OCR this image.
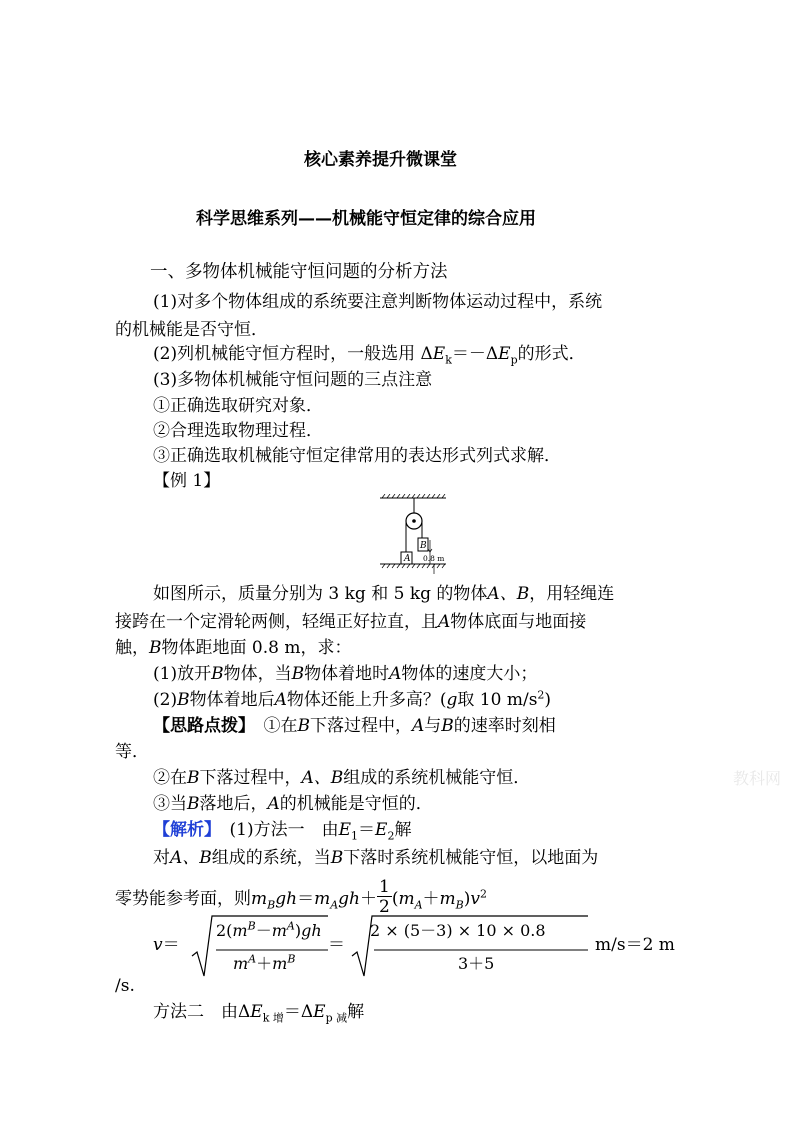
核心素养提升微课堂
科学思维系列——机械能守恒定律的综合应用
一、多物体机械能守恒问题的分析方法
(1)对多个物体组成的系统要注意判断物体运动过程中，系统
的机械能是否守恒．
(2)列机械能守恒方程时，一般选用 $\Delta E_k=-\Delta E_p$的形式．
(3)多物体机械能守恒问题的三点注意
①正确选取研究对象．
②合理选取物理过程．
③正确选取机械能守恒定律常用的表达形式列式求解．
【例 1】
B
A 0.8 m
如图所示，质量分别为 3 kg 和 5 kg 的物体A、B，用轻绳连
接跨在一个定滑轮两侧，轻绳正好拉直，且A物体底面与地面接
触，B物体距地面 0.8 m，求：
(1)放开B物体，当B物体着地时A物体的速度大小；
(2)B物体着地后A物体还能上升多高？(g取 10 $m/s^2$)
【思路点拨】　 ①在B下落过程中，A与B的速率时刻相
等．
②在B下落过程中，A、B组成的系统机械能守恒．
③当B落地后，A的机械能是守恒的．
【解析】　 (1)方法一　由$E_1=E_2$解
对A、B组成的系统，当B下落时系统机械能守恒，以地面为
零势能参考面，则$m_Bgh=m_Agh+ \frac{1}{2} (m_A+m_B)v^2$
v＝
$2(m^B-m^A)gh$
$m^A+m^B$
＝
2 × (5－3) × 10 × 0.8
3＋5
m/s＝2 m
/s.
方法二　由$\Delta E_{k 增}=\Delta E_{p 减}$解
教科网
